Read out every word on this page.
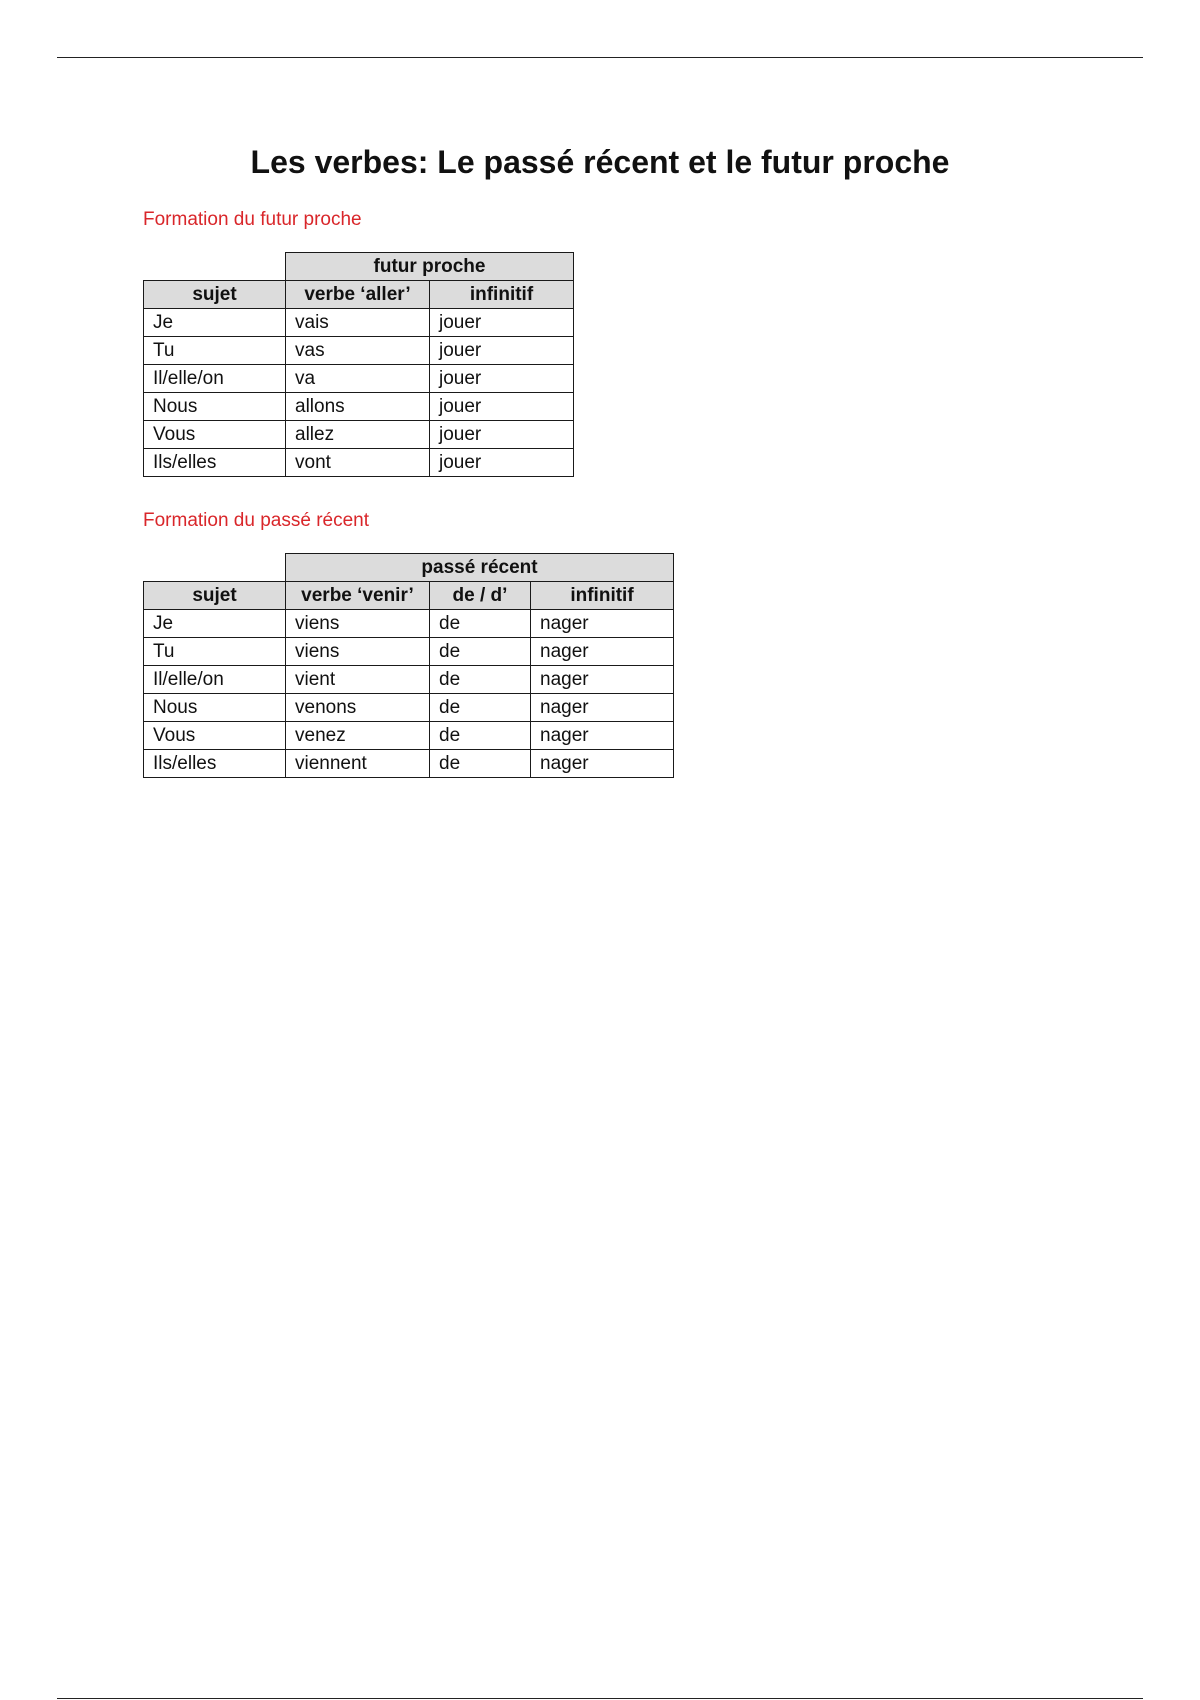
Les verbes: Le passé récent et le futur proche
Formation du futur proche
	futur proche	
sujet	verbe ‘aller’	infinitif
Je	vais	jouer
Tu	vas	jouer
Il/elle/on	va	jouer
Nous	allons	jouer
Vous	allez	jouer
Ils/elles	vont	jouer
Formation du passé récent
	passé récent		
sujet	verbe ‘venir’	de / d’	infinitif
Je	viens	de	nager
Tu	viens	de	nager
Il/elle/on	vient	de	nager
Nous	venons	de	nager
Vous	venez	de	nager
Ils/elles	viennent	de	nager
